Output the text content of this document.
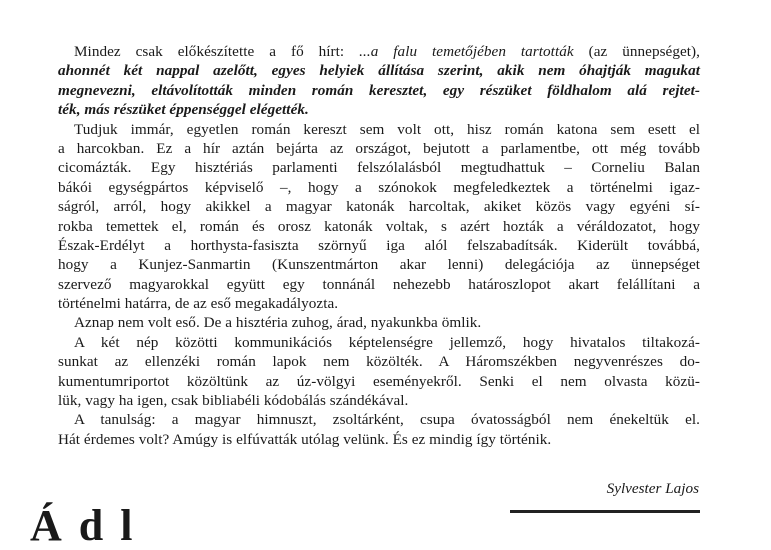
Mindez csak előkészítette a fő hírt: ...a falu temetőjében tartották (az ünnepséget),
ahonnét két nappal azelőtt, egyes helyiek állítása szerint, akik nem óhajtják magukat
megnevezni, eltávolították minden román keresztet, egy részüket földhalom alá rejtet-
ték, más részüket éppenséggel elégették.
Tudjuk immár, egyetlen román kereszt sem volt ott, hisz román katona sem esett el
a harcokban. Ez a hír aztán bejárta az országot, bejutott a parlamentbe, ott még tovább
cicomázták. Egy hisztériás parlamenti felszólalásból megtudhattuk – Corneliu Balan
bákói egységpártos képviselő –, hogy a szónokok megfeledkeztek a történelmi igaz-
ságról, arról, hogy akikkel a magyar katonák harcoltak, akiket közös vagy egyéni sí-
rokba temettek el, román és orosz katonák voltak, s azért hozták a véráldozatot, hogy
Észak-Erdélyt a horthysta-fasiszta szörnyű iga alól felszabadítsák. Kiderült továbbá,
hogy a Kunjez-Sanmartin (Kunszentmárton akar lenni) delegációja az ünnepséget
szervező magyarokkal együtt egy tonnánál nehezebb határoszlopot akart felállítani a
történelmi határra, de az eső megakadályozta.
Aznap nem volt eső. De a hisztéria zuhog, árad, nyakunkba ömlik.
A két nép közötti kommunikációs képtelenségre jellemző, hogy hivatalos tiltakozá-
sunkat az ellenzéki román lapok nem közölték. A Háromszékben negyvenrészes do-
kumentumriportot közöltünk az úz-völgyi eseményekről. Senki el nem olvasta közü-
lük, vagy ha igen, csak bibliabéli kódobálás szándékával.
A tanulság: a magyar himnuszt, zsoltárként, csupa óvatosságból nem énekeltük el.
Hát érdemes volt? Amúgy is elfúvatták utólag velünk. És ez mindig így történik.
Sylvester Lajos
Á d l
